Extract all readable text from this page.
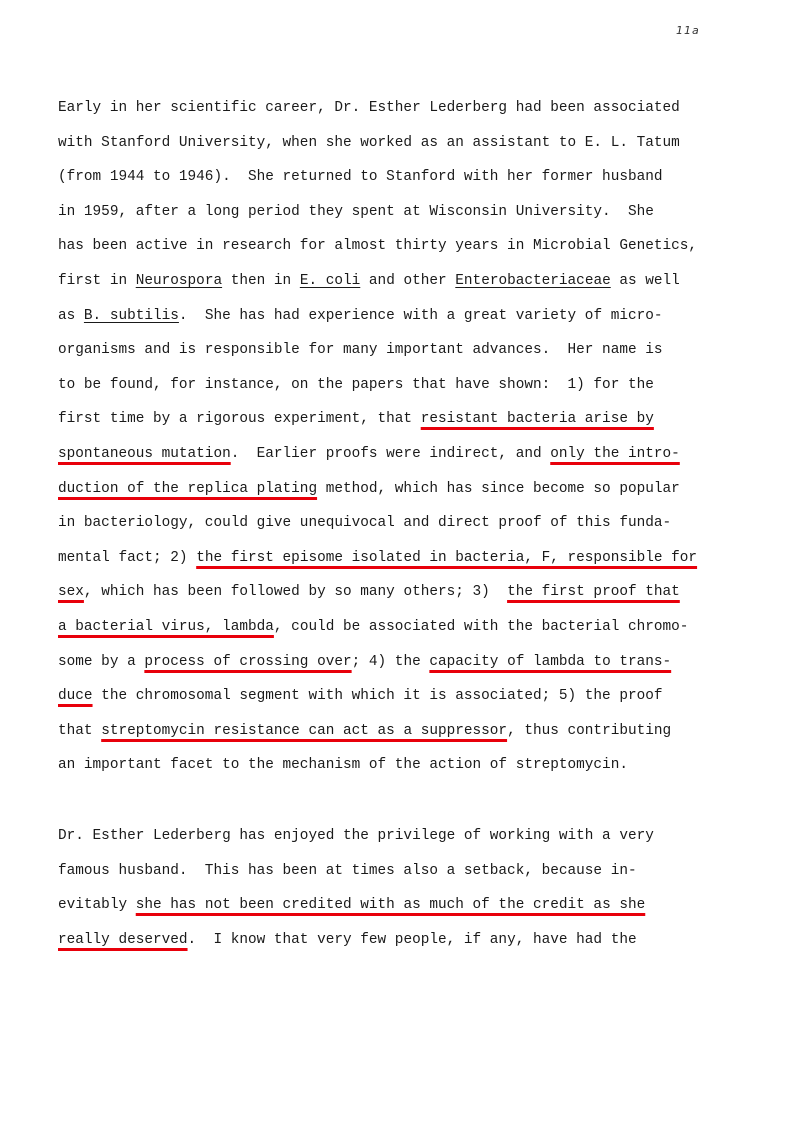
11a
Early in her scientific career, Dr. Esther Lederberg had been associated
with Stanford University, when she worked as an assistant to E. L. Tatum
(from 1944 to 1946).  She returned to Stanford with her former husband
in 1959, after a long period they spent at Wisconsin University.  She
has been active in research for almost thirty years in Microbial Genetics,
first in Neurospora then in E. coli and other Enterobacteriaceae as well
as B. subtilis.  She has had experience with a great variety of micro-
organisms and is responsible for many important advances.  Her name is
to be found, for instance, on the papers that have shown:  1) for the
first time by a rigorous experiment, that resistant bacteria arise by
spontaneous mutation.  Earlier proofs were indirect, and only the intro-
duction of the replica plating method, which has since become so popular
in bacteriology, could give unequivocal and direct proof of this funda-
mental fact; 2) the first episome isolated in bacteria, F, responsible for
sex, which has been followed by so many others; 3)  the first proof that
a bacterial virus, lambda, could be associated with the bacterial chromo-
some by a process of crossing over; 4) the capacity of lambda to trans-
duce the chromosomal segment with which it is associated; 5) the proof
that streptomycin resistance can act as a suppressor, thus contributing
an important facet to the mechanism of the action of streptomycin.
Dr. Esther Lederberg has enjoyed the privilege of working with a very
famous husband.  This has been at times also a setback, because in-
evitably she has not been credited with as much of the credit as she
really deserved.  I know that very few people, if any, have had the
